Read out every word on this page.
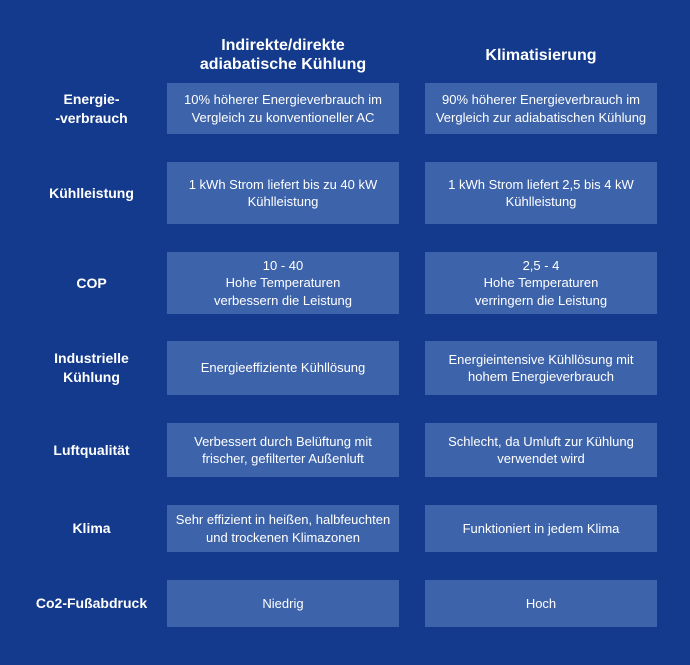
Indirekte/direkte
adiabatische Kühlung
Klimatisierung
Energie-
-verbrauch
10% höherer Energieverbrauch im
Vergleich zu konventioneller AC
90% höherer Energieverbrauch im
Vergleich zur adiabatischen Kühlung
Kühlleistung
1 kWh Strom liefert bis zu 40 kW
Kühlleistung
1 kWh Strom liefert 2,5 bis 4 kW
Kühlleistung
COP
10 - 40
Hohe Temperaturen
verbessern die Leistung
2,5 - 4
Hohe Temperaturen
verringern die Leistung
Industrielle
Kühlung
Energieeffiziente Kühllösung
Energieintensive Kühllösung mit
hohem Energieverbrauch
Luftqualität
Verbessert durch Belüftung mit
frischer, gefilterter Außenluft
Schlecht, da Umluft zur Kühlung
verwendet wird
Klima
Sehr effizient in heißen, halbfeuchten
und trockenen Klimazonen
Funktioniert in jedem Klima
Co2-Fußabdruck	Niedrig	Hoch
